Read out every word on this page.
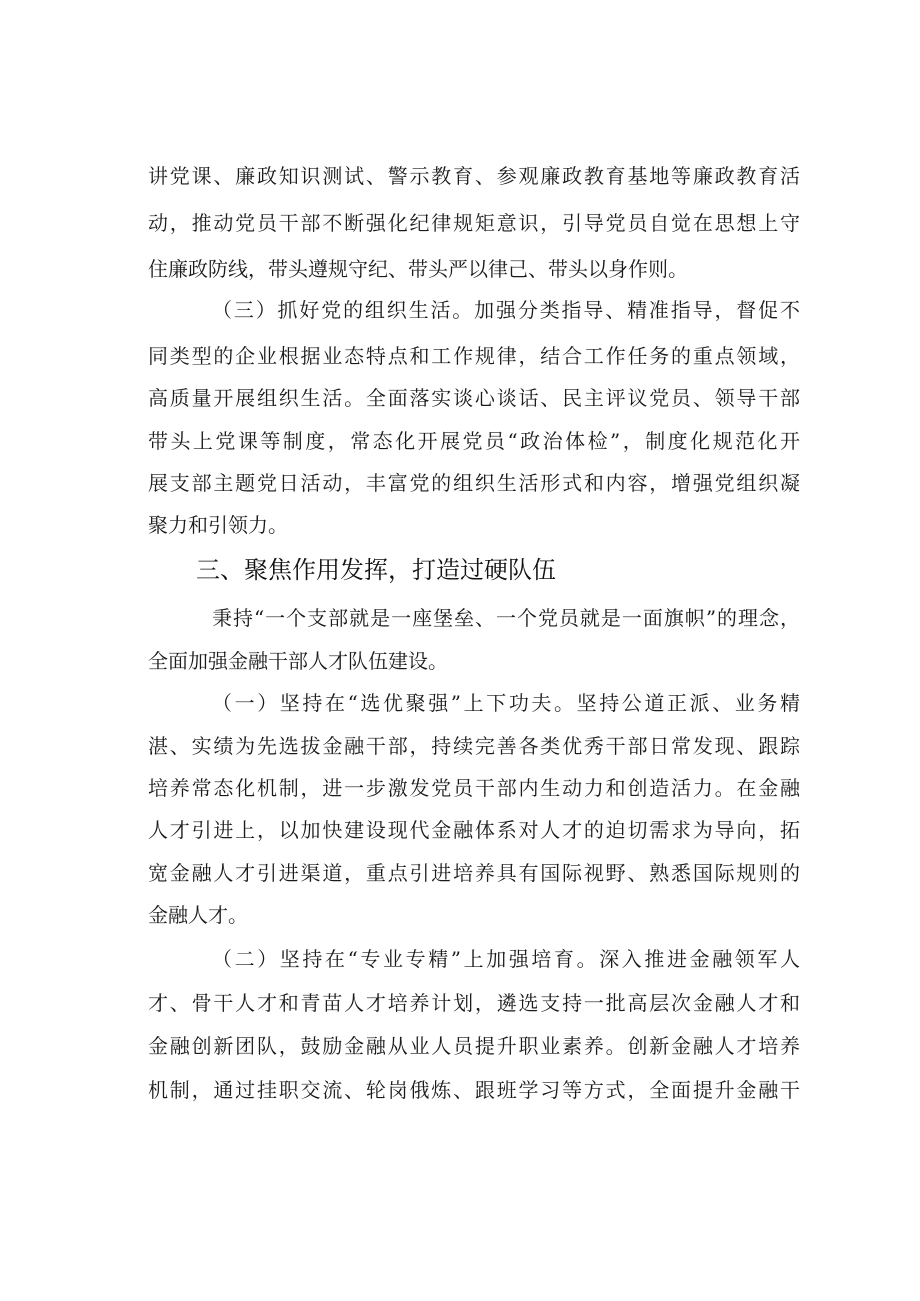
讲党课、廉政知识测试、警示教育、参观廉政教育基地等廉政教育活
动，推动党员干部不断强化纪律规矩意识，引导党员自觉在思想上守
住廉政防线，带头遵规守纪、带头严以律己、带头以身作则。
（三）抓好党的组织生活。加强分类指导、精准指导，督促不
同类型的企业根据业态特点和工作规律，结合工作任务的重点领域，
高质量开展组织生活。全面落实谈心谈话、民主评议党员、领导干部
带头上党课等制度，常态化开展党员“政治体检”，制度化规范化开
展支部主题党日活动，丰富党的组织生活形式和内容，增强党组织凝
聚力和引领力。
三、聚焦作用发挥，打造过硬队伍
秉持“一个支部就是一座堡垒、一个党员就是一面旗帜”的理念，
全面加强金融干部人才队伍建设。
（一）坚持在“选优聚强”上下功夫。坚持公道正派、业务精
湛、实绩为先选拔金融干部，持续完善各类优秀干部日常发现、跟踪
培养常态化机制，进一步激发党员干部内生动力和创造活力。在金融
人才引进上，以加快建设现代金融体系对人才的迫切需求为导向，拓
宽金融人才引进渠道，重点引进培养具有国际视野、熟悉国际规则的
金融人才。
（二）坚持在“专业专精”上加强培育。深入推进金融领军人
才、骨干人才和青苗人才培养计划，遴选支持一批高层次金融人才和
金融创新团队，鼓励金融从业人员提升职业素养。创新金融人才培养
机制，通过挂职交流、轮岗俄炼、跟班学习等方式，全面提升金融干
